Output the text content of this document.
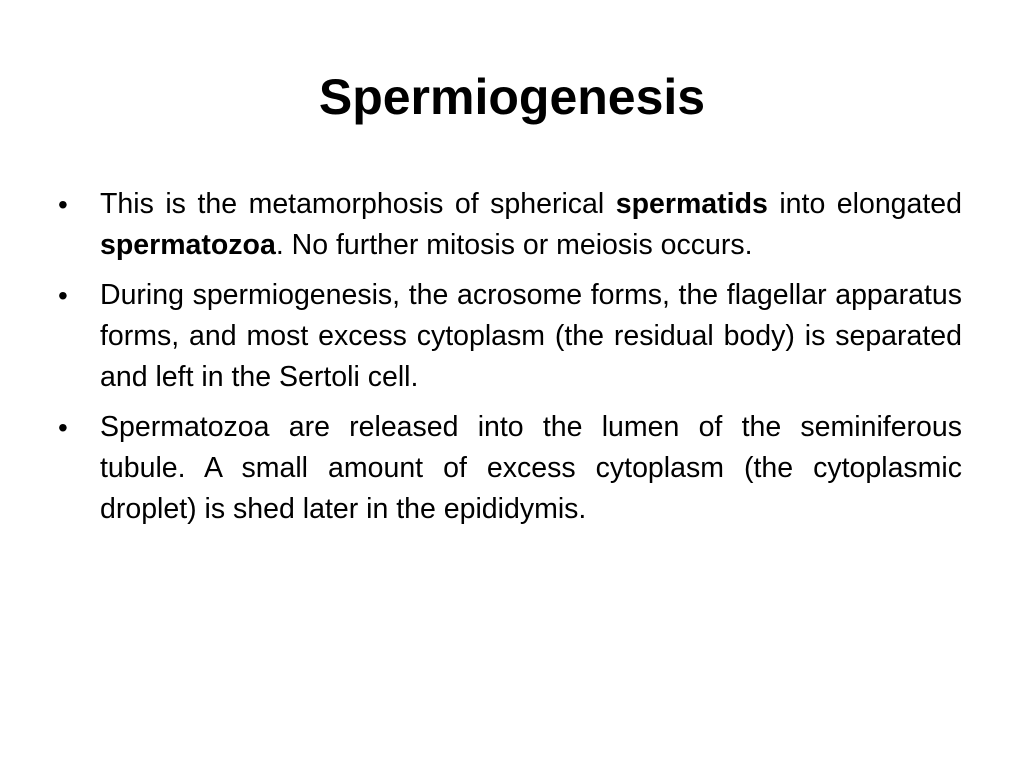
Spermiogenesis
•	This is the metamorphosis of spherical spermatids into elongated spermatozoa. No further mitosis or meiosis occurs.
•	During spermiogenesis, the acrosome forms, the flagellar apparatus forms, and most excess cytoplasm (the residual body) is separated and left in the Sertoli cell.
•	Spermatozoa are released into the lumen of the seminiferous tubule. A small amount of excess cytoplasm (the cytoplasmic droplet) is shed later in the epididymis.
